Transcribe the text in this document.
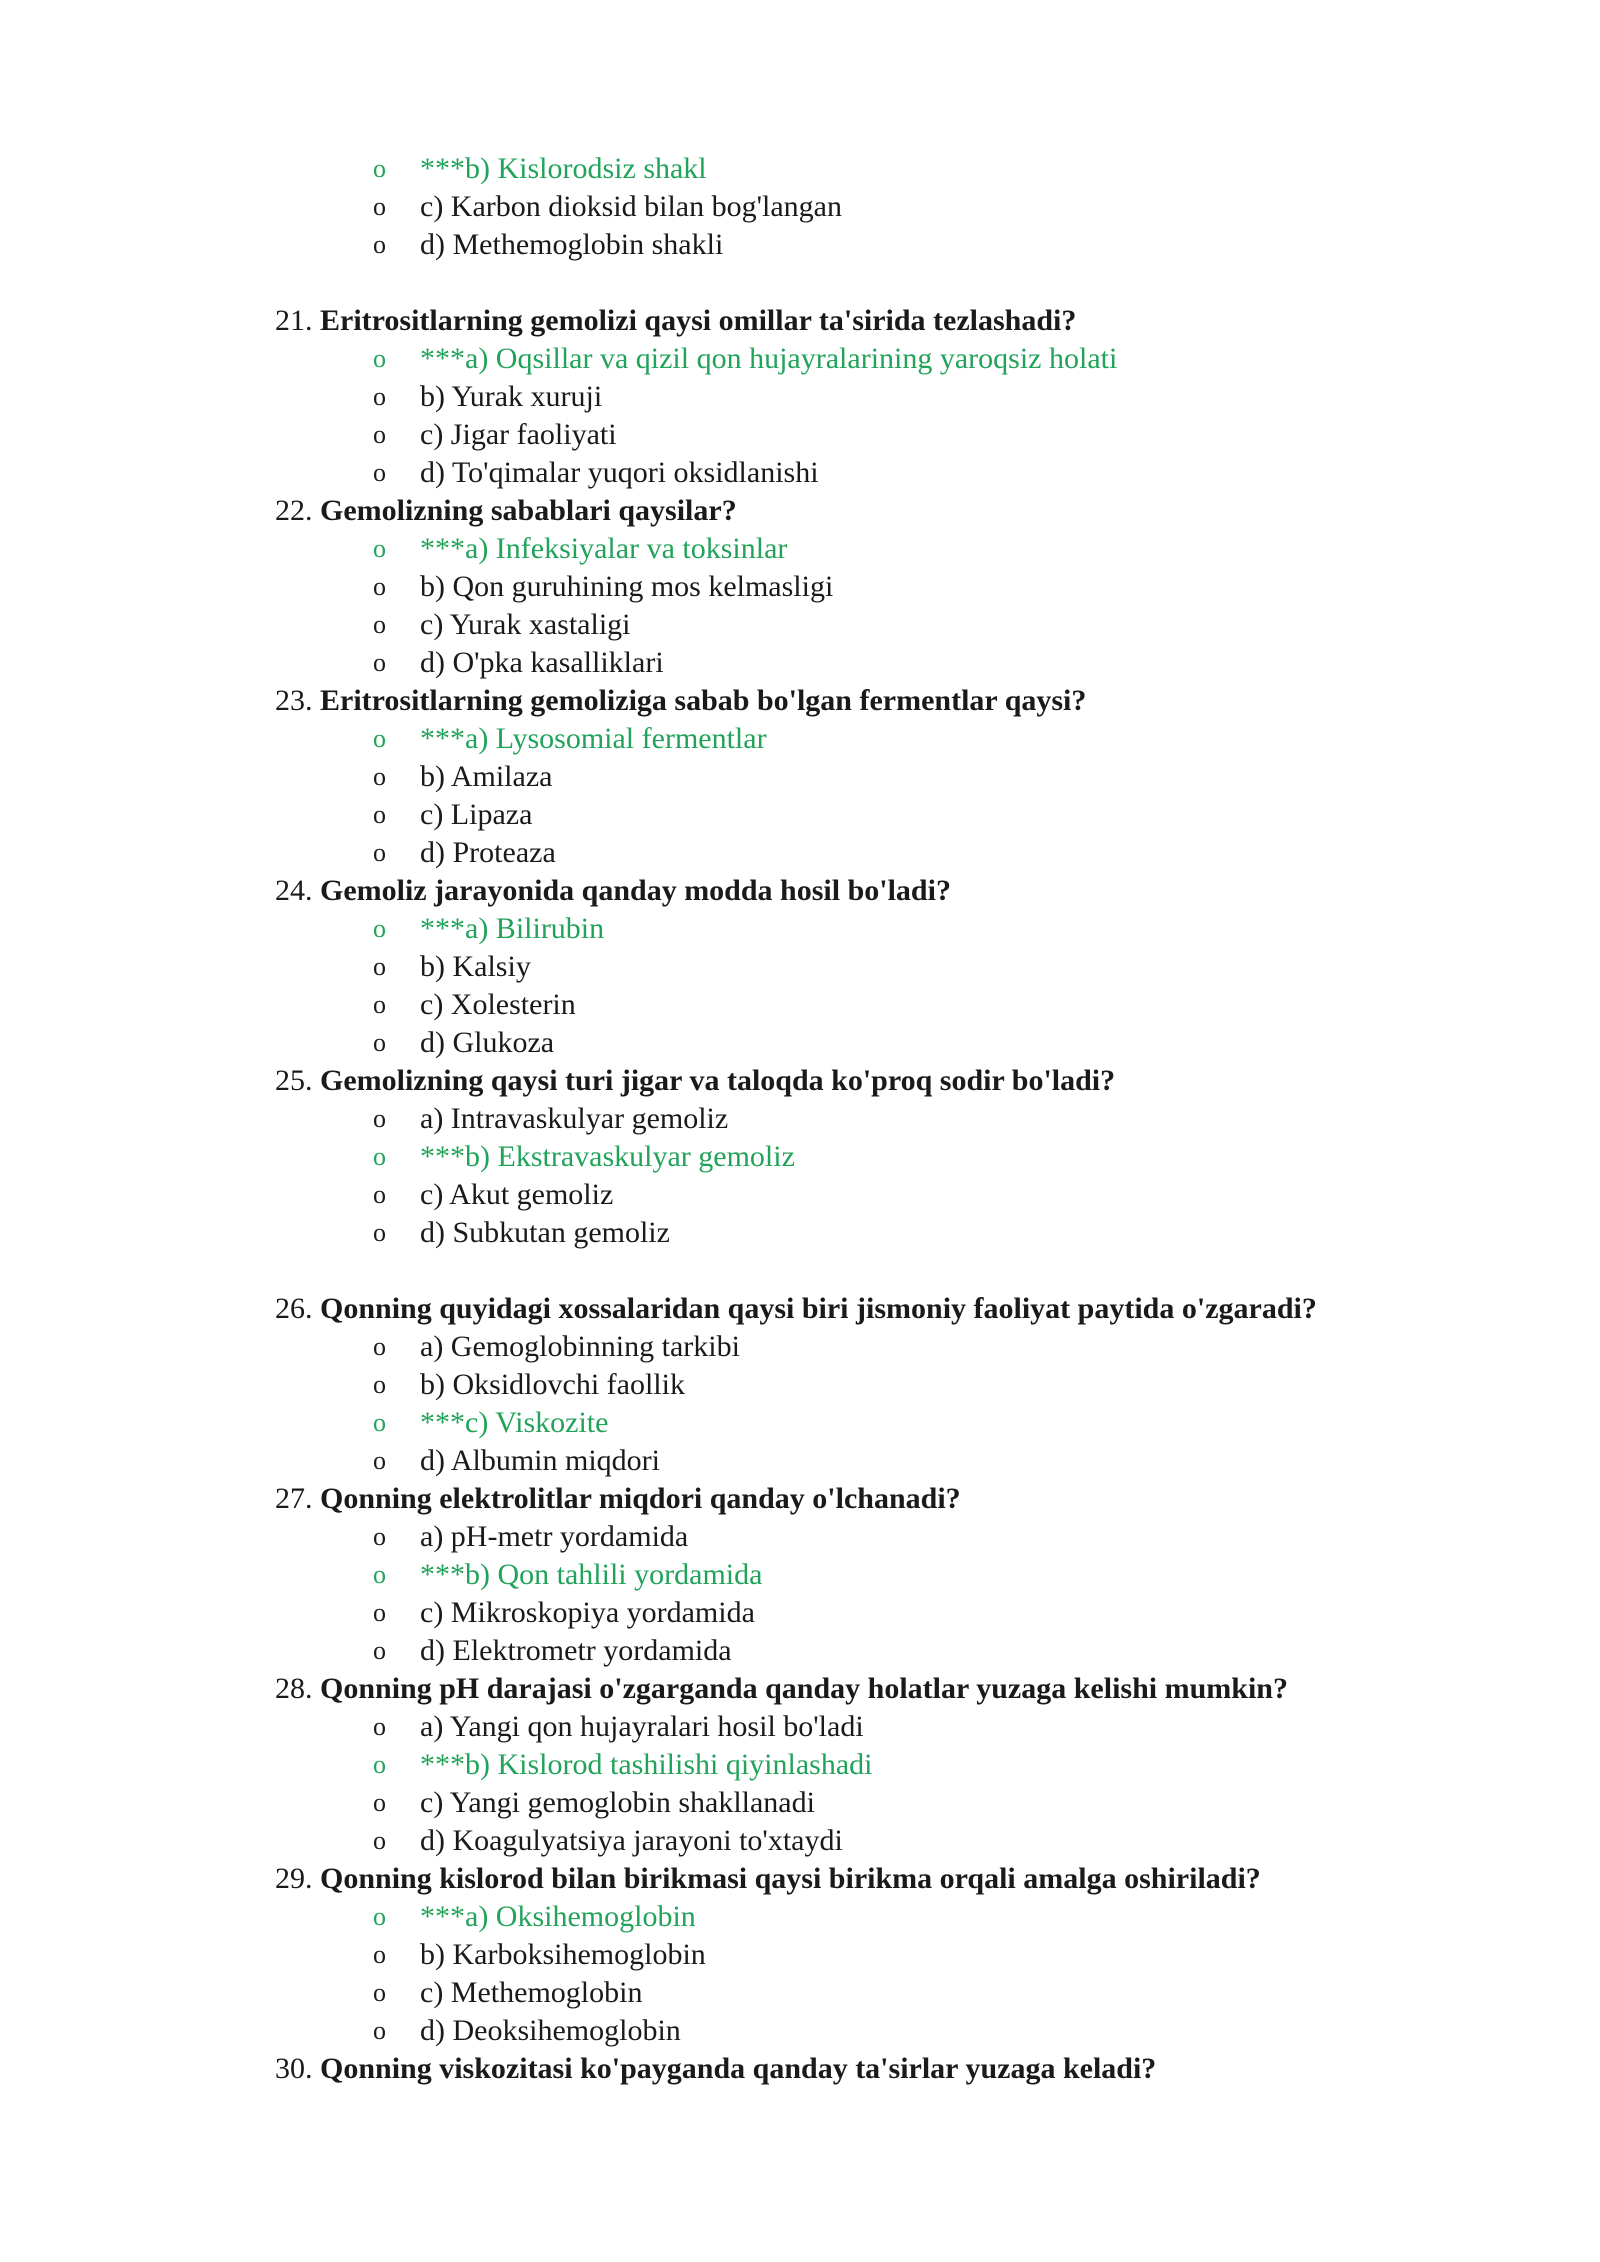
o ***b) Kislorodsiz shakl
o c) Karbon dioksid bilan bog'langan
o d) Methemoglobin shakli
21. Eritrositlarning gemolizi qaysi omillar ta'sirida tezlashadi?
o ***a) Oqsillar va qizil qon hujayralarining yaroqsiz holati
o b) Yurak xuruji
o c) Jigar faoliyati
o d) To'qimalar yuqori oksidlanishi
22. Gemolizning sabablari qaysilar?
o ***a) Infeksiyalar va toksinlar
o b) Qon guruhining mos kelmasligi
o c) Yurak xastaligi
o d) O'pka kasalliklari
23. Eritrositlarning gemoliziga sabab bo'lgan fermentlar qaysi?
o ***a) Lysosomial fermentlar
o b) Amilaza
o c) Lipaza
o d) Proteaza
24. Gemoliz jarayonida qanday modda hosil bo'ladi?
o ***a) Bilirubin
o b) Kalsiy
o c) Xolesterin
o d) Glukoza
25. Gemolizning qaysi turi jigar va taloqda ko'proq sodir bo'ladi?
o a) Intravaskulyar gemoliz
o ***b) Ekstravaskulyar gemoliz
o c) Akut gemoliz
o d) Subkutan gemoliz
26. Qonning quyidagi xossalaridan qaysi biri jismoniy faoliyat paytida o'zgaradi?
o a) Gemoglobinning tarkibi
o b) Oksidlovchi faollik
o ***c) Viskozite
o d) Albumin miqdori
27. Qonning elektrolitlar miqdori qanday o'lchanadi?
o a) pH-metr yordamida
o ***b) Qon tahlili yordamida
o c) Mikroskopiya yordamida
o d) Elektrometr yordamida
28. Qonning pH darajasi o'zgarganda qanday holatlar yuzaga kelishi mumkin?
o a) Yangi qon hujayralari hosil bo'ladi
o ***b) Kislorod tashilishi qiyinlashadi
o c) Yangi gemoglobin shakllanadi
o d) Koagulyatsiya jarayoni to'xtaydi
29. Qonning kislorod bilan birikmasi qaysi birikma orqali amalga oshiriladi?
o ***a) Oksihemoglobin
o b) Karboksihemoglobin
o c) Methemoglobin
o d) Deoksihemoglobin
30. Qonning viskozitasi ko'payganda qanday ta'sirlar yuzaga keladi?
